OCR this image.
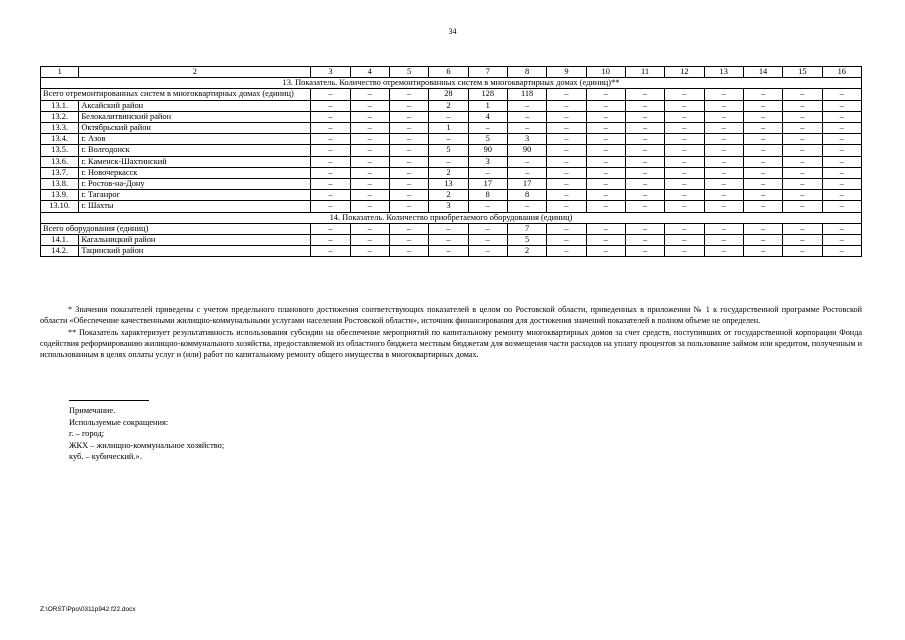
34
1	2	3	4	5	6	7	8	9	10	11	12	13	14	15	16
13. Показатель. Количество отремонтированных систем в многоквартирных домах (единиц)**															
Всего отремонтированных систем в многоквартирных домах (единиц)		–	–	–	28	128	118	–	–	–	–	–	–	–	–
13.1.	Аксайский район	–	–	–	2	1	–	–	–	–	–	–	–	–	–
13.2.	Белокалитвинский район	–	–	–	–	4	–	–	–	–	–	–	–	–	–
13.3.	Октябрьский район	–	–	–	1	–	–	–	–	–	–	–	–	–	–
13.4.	г. Азов	–	–	–	–	5	3	–	–	–	–	–	–	–	–
13.5.	г. Волгодонск	–	–	–	5	90	90	–	–	–	–	–	–	–	–
13.6.	г. Каменск-Шахтинский	–	–	–	–	3	–	–	–	–	–	–	–	–	–
13.7.	г. Новочеркасск	–	–	–	2	–	–	–	–	–	–	–	–	–	–
13.8.	г. Ростов-на-Дону	–	–	–	13	17	17	–	–	–	–	–	–	–	–
13.9.	г. Таганрог	–	–	–	2	8	8	–	–	–	–	–	–	–	–
13.10.	г. Шахты	–	–	–	3	–	–	–	–	–	–	–	–	–	–
14. Показатель. Количество приобретаемого оборудования (единиц)															
Всего оборудования (единиц)		–	–	–	–	–	7	–	–	–	–	–	–	–	–
14.1.	Кагальницкий район	–	–	–	–	–	5	–	–	–	–	–	–	–	–
14.2.	Тацинский район	–	–	–	–	–	2	–	–	–	–	–	–	–	–

* Значения показателей приведены с учетом предельного планового достижения соответствующих показателей в целом по Ростовской области, приведенных в приложении № 1 к государственной программе Ростовской области «Обеспечение качественными жилищно-коммунальными услугами населения Ростовской области», источник финансирования для достижения значений показателей в полном объеме не определен.

** Показатель характеризует результативность использования субсидии на обеспечение мероприятий по капитальному ремонту многоквартирных домов за счет средств, поступивших от государственной корпорации Фонда содействия реформированию жилищно-коммунального хозяйства, предоставляемой из областного бюджета местным бюджетам для возмещения части расходов на уплату процентов за пользование займом или кредитом, полученным и использованным в целях оплаты услуг и (или) работ по капитальному ремонту общего имущества в многоквартирных домах.

Примечание.
Используемые сокращения:
г. – город;
ЖКХ – жилищно-коммунальное хозяйство;
куб. – кубический.».
Z:\ORST\Ppo\0311p942.f22.docx
